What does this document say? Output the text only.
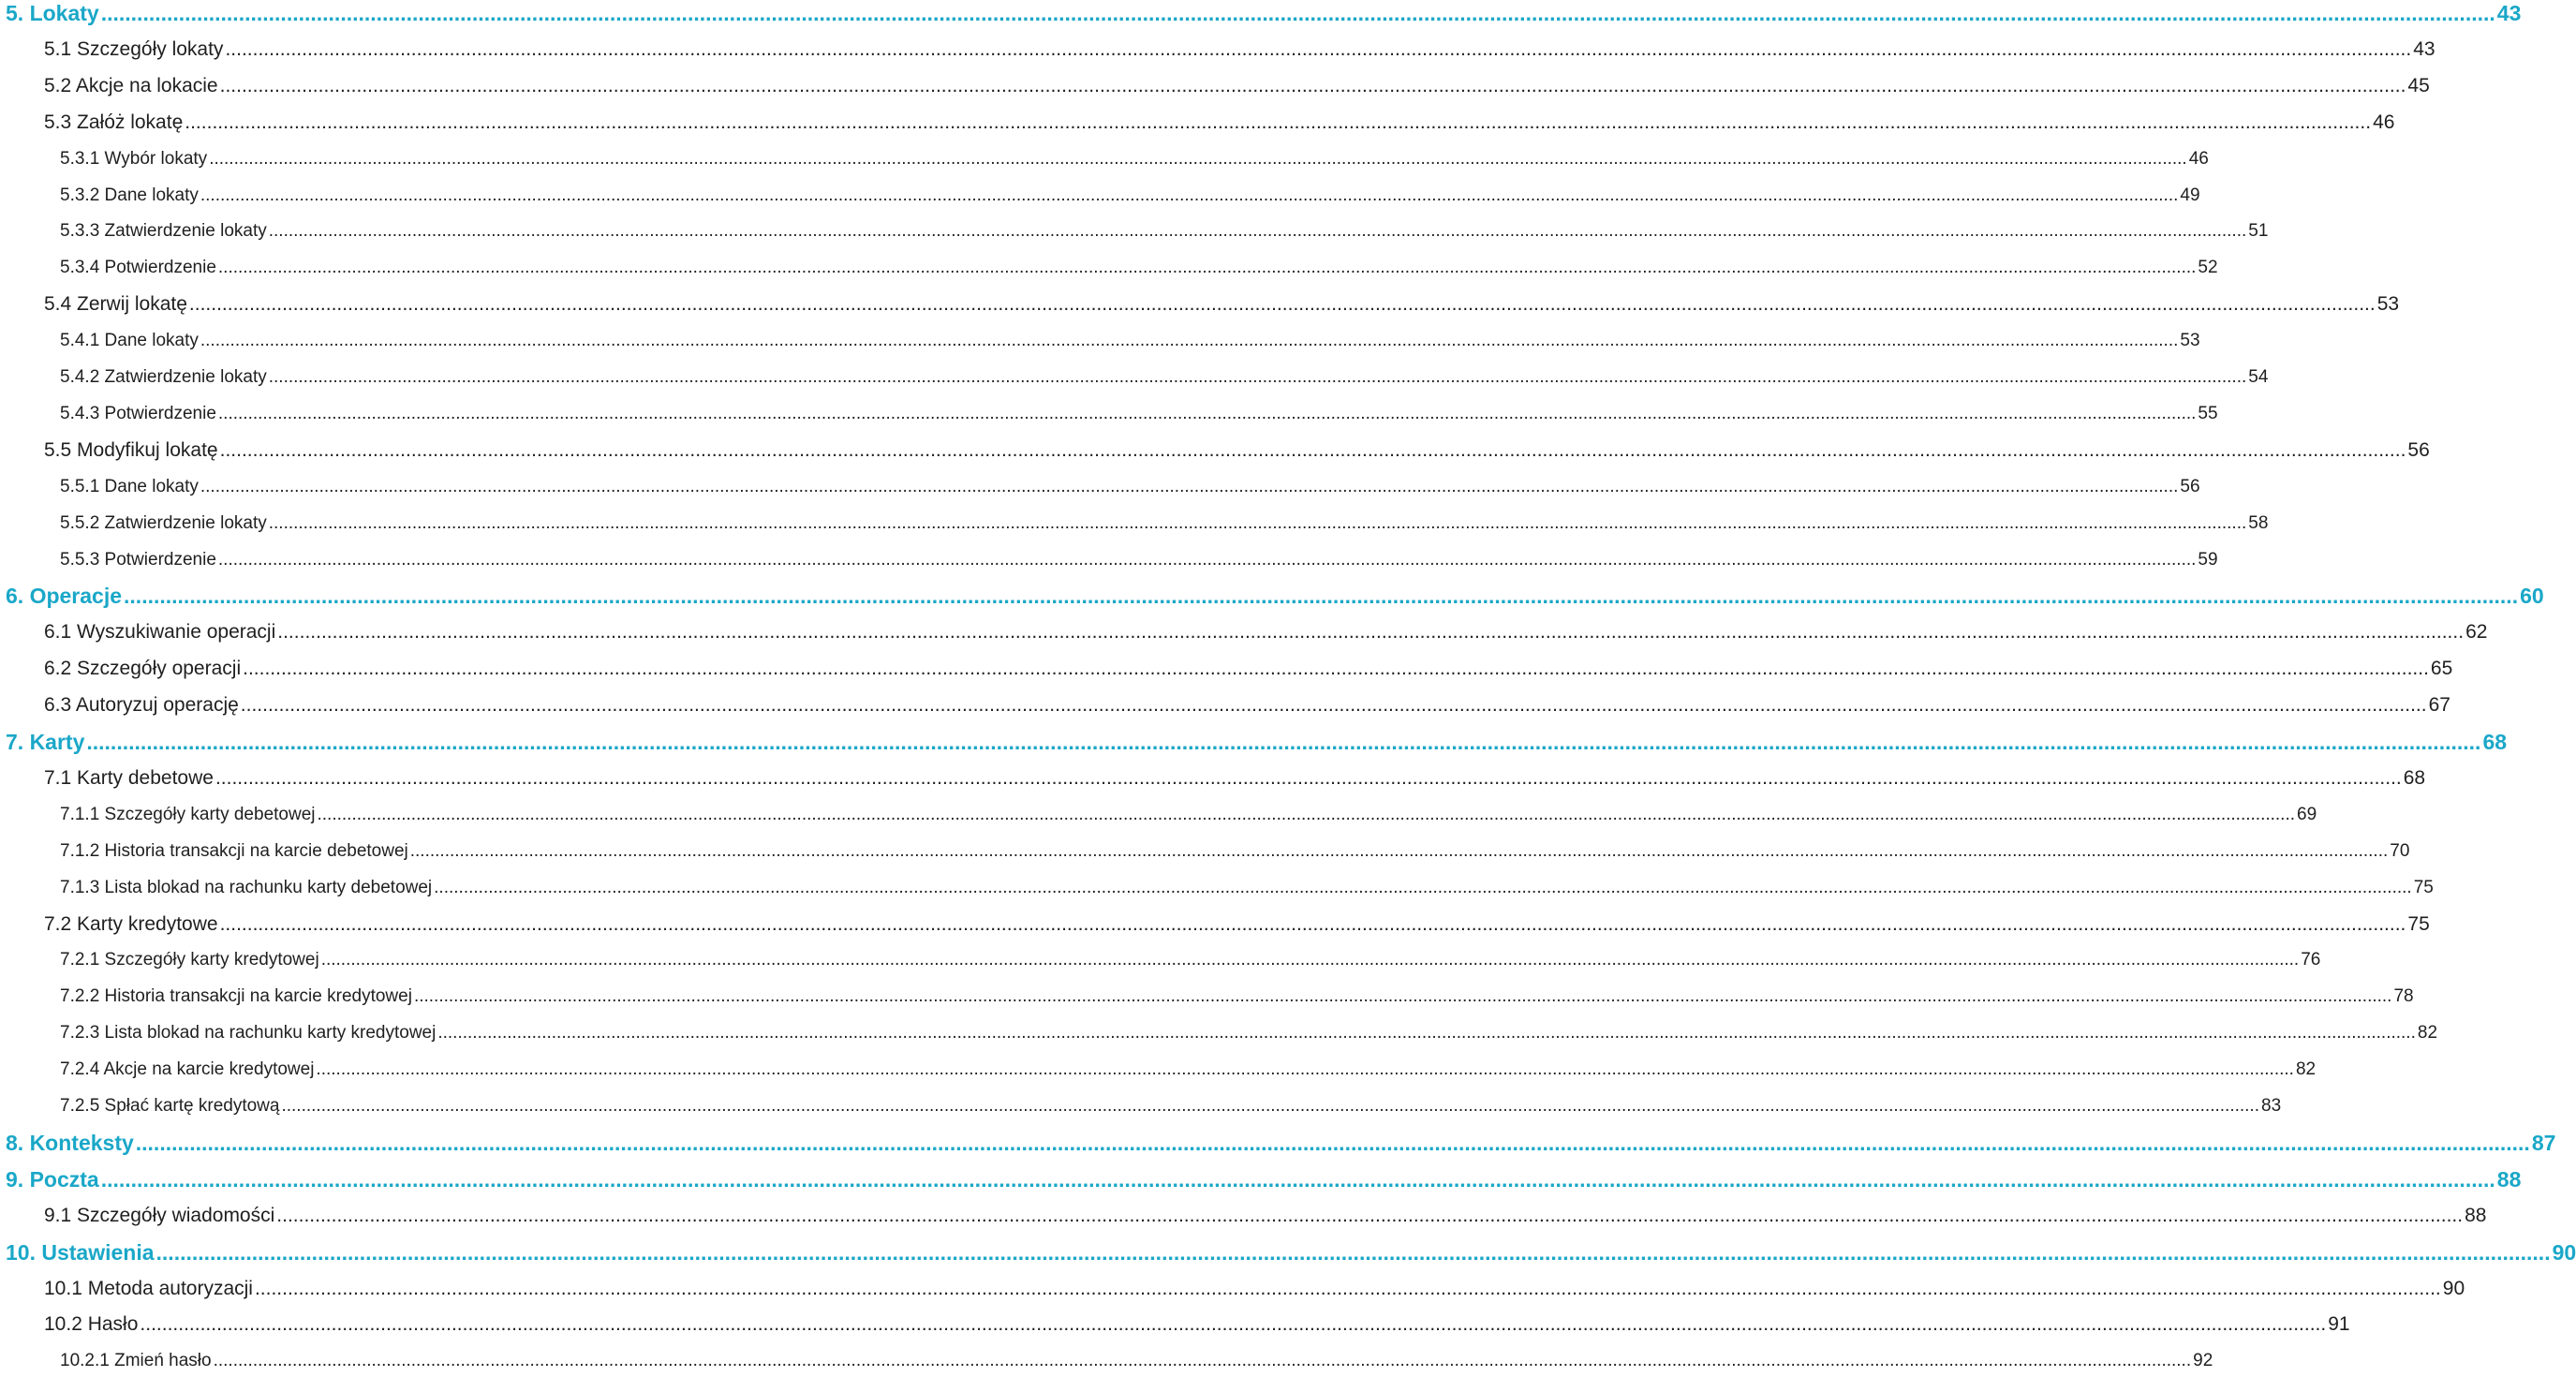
5. Lokaty ................................................................................................................................................................................................................................................................................................................................................................................................................ 43
5.1 Szczegóły lokaty ................................................................................................................................................................................................................................................................................................................................................................................................................ 43
5.2 Akcje na lokacie ................................................................................................................................................................................................................................................................................................................................................................................................................ 45
5.3 Załóż lokatę ................................................................................................................................................................................................................................................................................................................................................................................................................ 46
5.3.1 Wybór lokaty ................................................................................................................................................................................................................................................................................................................................................................................................................ 46
5.3.2 Dane lokaty ................................................................................................................................................................................................................................................................................................................................................................................................................ 49
5.3.3 Zatwierdzenie lokaty ................................................................................................................................................................................................................................................................................................................................................................................................................ 51
5.3.4 Potwierdzenie ................................................................................................................................................................................................................................................................................................................................................................................................................ 52
5.4 Zerwij lokatę ................................................................................................................................................................................................................................................................................................................................................................................................................ 53
5.4.1 Dane lokaty ................................................................................................................................................................................................................................................................................................................................................................................................................ 53
5.4.2 Zatwierdzenie lokaty ................................................................................................................................................................................................................................................................................................................................................................................................................ 54
5.4.3 Potwierdzenie ................................................................................................................................................................................................................................................................................................................................................................................................................ 55
5.5 Modyfikuj lokatę ................................................................................................................................................................................................................................................................................................................................................................................................................ 56
5.5.1 Dane lokaty ................................................................................................................................................................................................................................................................................................................................................................................................................ 56
5.5.2 Zatwierdzenie lokaty ................................................................................................................................................................................................................................................................................................................................................................................................................ 58
5.5.3 Potwierdzenie ................................................................................................................................................................................................................................................................................................................................................................................................................ 59
6. Operacje ................................................................................................................................................................................................................................................................................................................................................................................................................ 60
6.1 Wyszukiwanie operacji ................................................................................................................................................................................................................................................................................................................................................................................................................ 62
6.2 Szczegóły operacji ................................................................................................................................................................................................................................................................................................................................................................................................................ 65
6.3 Autoryzuj operację ................................................................................................................................................................................................................................................................................................................................................................................................................ 67
7. Karty ................................................................................................................................................................................................................................................................................................................................................................................................................ 68
7.1 Karty debetowe ................................................................................................................................................................................................................................................................................................................................................................................................................ 68
7.1.1 Szczegóły karty debetowej ................................................................................................................................................................................................................................................................................................................................................................................................................ 69
7.1.2 Historia transakcji na karcie debetowej ................................................................................................................................................................................................................................................................................................................................................................................................................ 70
7.1.3 Lista blokad na rachunku karty debetowej ................................................................................................................................................................................................................................................................................................................................................................................................................ 75
7.2 Karty kredytowe ................................................................................................................................................................................................................................................................................................................................................................................................................ 75
7.2.1 Szczegóły karty kredytowej ................................................................................................................................................................................................................................................................................................................................................................................................................ 76
7.2.2 Historia transakcji na karcie kredytowej ................................................................................................................................................................................................................................................................................................................................................................................................................ 78
7.2.3 Lista blokad na rachunku karty kredytowej ................................................................................................................................................................................................................................................................................................................................................................................................................ 82
7.2.4 Akcje na karcie kredytowej ................................................................................................................................................................................................................................................................................................................................................................................................................ 82
7.2.5 Spłać kartę kredytową ................................................................................................................................................................................................................................................................................................................................................................................................................ 83
8. Konteksty ................................................................................................................................................................................................................................................................................................................................................................................................................ 87
9. Poczta ................................................................................................................................................................................................................................................................................................................................................................................................................ 88
9.1 Szczegóły wiadomości ................................................................................................................................................................................................................................................................................................................................................................................................................ 88
10. Ustawienia ................................................................................................................................................................................................................................................................................................................................................................................................................ 90
10.1 Metoda autoryzacji ................................................................................................................................................................................................................................................................................................................................................................................................................ 90
10.2 Hasło ................................................................................................................................................................................................................................................................................................................................................................................................................ 91
10.2.1 Zmień hasło ................................................................................................................................................................................................................................................................................................................................................................................................................ 92
